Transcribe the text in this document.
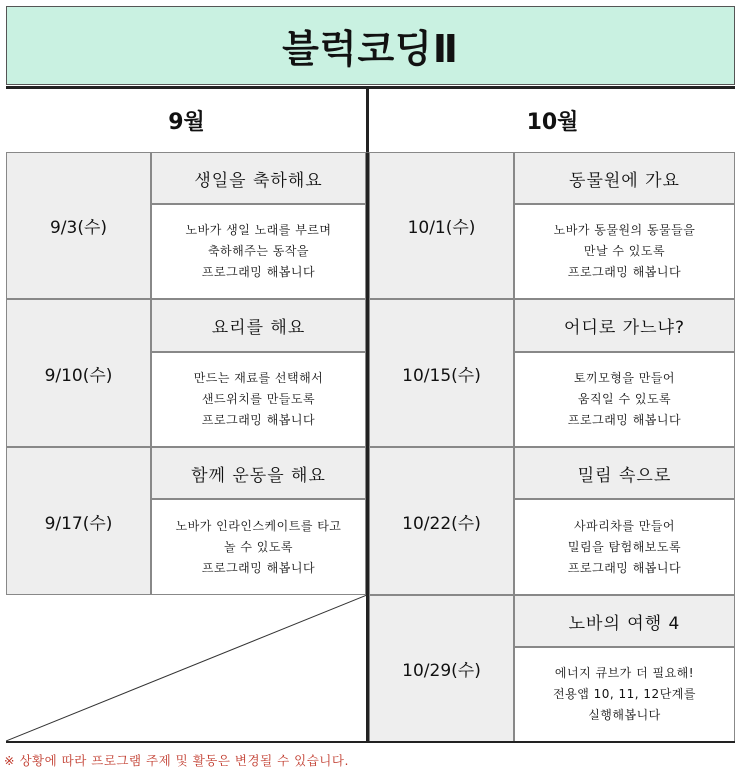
블럭코딩Ⅱ
9월	10월
9/3(수)
생일을 축하해요
노바가 생일 노래를 부르며
축하해주는 동작을
프로그래밍 해봅니다
9/10(수)
요리를 해요
만드는 재료를 선택해서
샌드위치를 만들도록
프로그래밍 해봅니다
9/17(수)
함께 운동을 해요
노바가 인라인스케이트를 타고
놀 수 있도록
프로그래밍 해봅니다
10/1(수)
동물원에 가요
노바가 동물원의 동물들을
만날 수 있도록
프로그래밍 해봅니다
10/15(수)
어디로 가느냐?
토끼모형을 만들어
움직일 수 있도록
프로그래밍 해봅니다
10/22(수)
밀림 속으로
사파리차를 만들어
밀림을 탐험해보도록
프로그래밍 해봅니다
10/29(수)
노바의 여행 4
에너지 큐브가 더 필요해!
전용앱 10, 11, 12단계를
실행해봅니다
※ 상황에 따라 프로그램 주제 및 활동은 변경될 수 있습니다.
